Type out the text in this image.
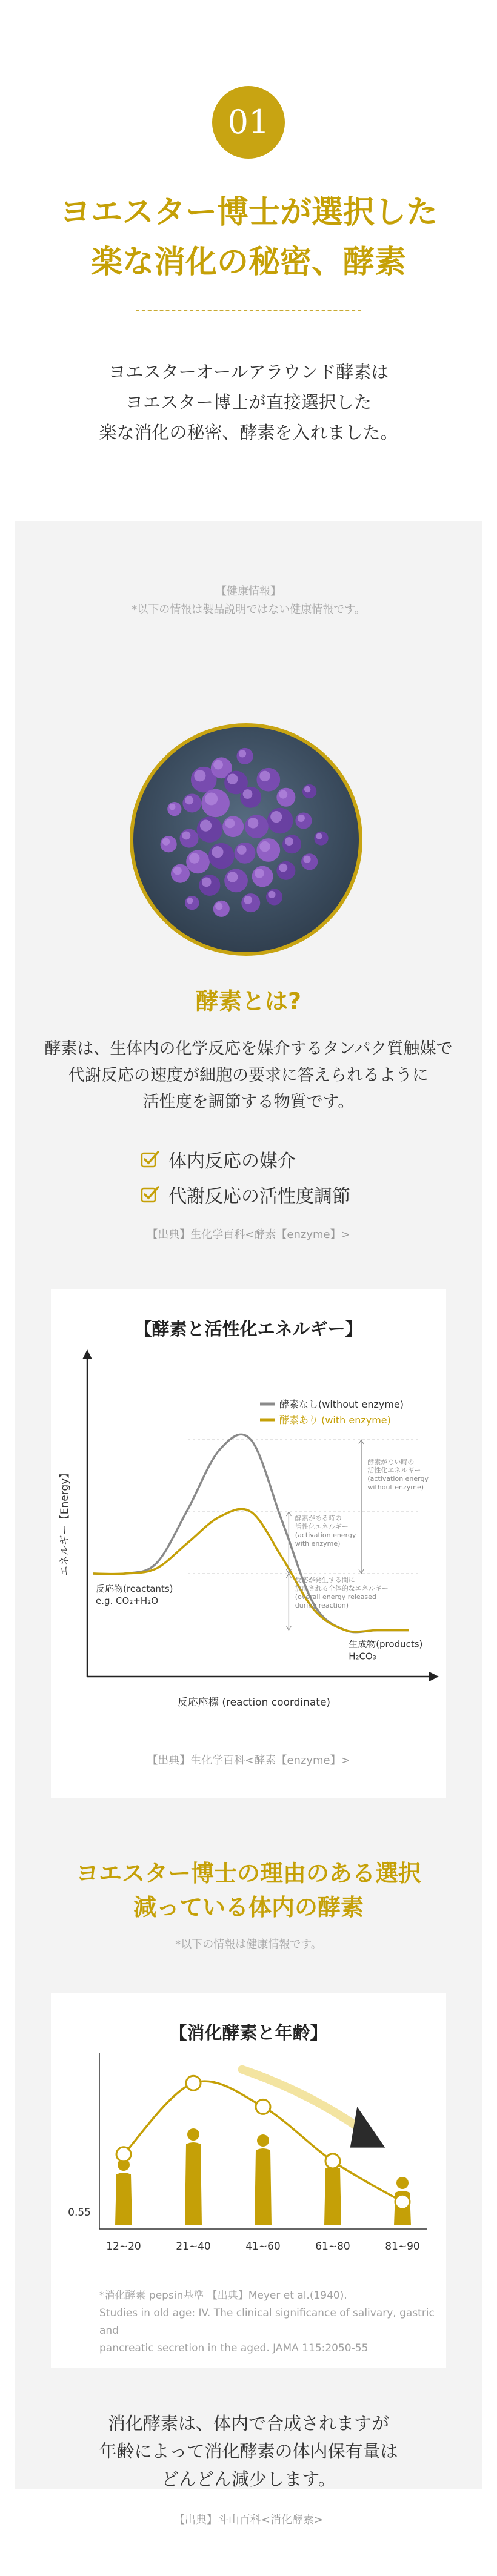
01
ヨエスター博士が選択した
楽な消化の秘密、酵素
ヨエスターオールアラウンド酵素は
ヨエスター博士が直接選択した
楽な消化の秘密、酵素を入れました。
【健康情報】
*以下の情報は製品説明ではない健康情報です。
酵素とは?
酵素は、生体内の化学反応を媒介するタンパク質触媒で
代謝反応の速度が細胞の要求に答えられるように
活性度を調節する物質です。
体内反応の媒介
代謝反応の活性度調節
【出典】生化学百科<酵素【enzyme】>
【酵素と活性化エネルギー】
エネルギー【Energy】
反応座標 (reaction coordinate)
酵素なし(without enzyme)
酵素あり (with enzyme)
酵素がある時の
活性化エネルギー
(activation energy
with enzyme)
酵素がない時の
活性化エネルギー
(activation energy
without enzyme)
反応が発生する間に
放出される全体的なエネルギー
(overall energy released
during reaction)
反応物(reactants)
e.g. CO₂+H₂O
生成物(products)
H₂CO₃
【出典】生化学百科<酵素【enzyme】>
ヨエスター博士の理由のある選択
減っている体内の酵素
*以下の情報は健康情報です。
【消化酵素と年齢】
0.55
12~20	21~40	41~60	61~80	81~90
*消化酵素 pepsin基準 【出典】Meyer et al.(1940).
Studies in old age: IV. The clinical significance of salivary, gastric and
pancreatic secretion in the aged. JAMA 115:2050-55
消化酵素は、体内で合成されますが
年齢によって消化酵素の体内保有量は
どんどん減少します。
【出典】斗山百科<消化酵素>
